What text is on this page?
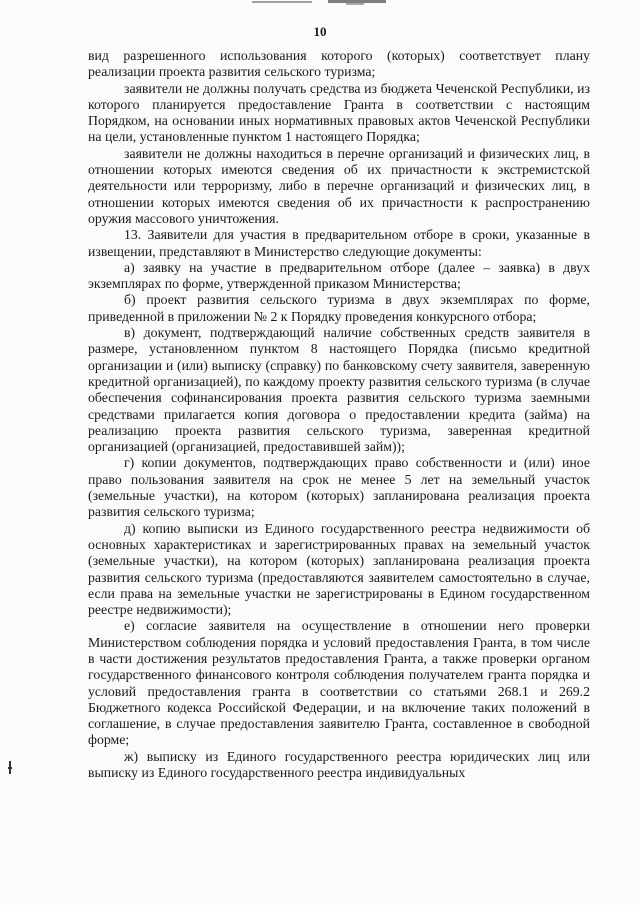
10

вид разрешенного использования которого (которых) соответствует плану реализации проекта развития сельского туризма;

заявители не должны получать средства из бюджета Чеченской Республики, из которого планируется предоставление Гранта в соответствии с настоящим Порядком, на основании иных нормативных правовых актов Чеченской Республики на цели, установленные пунктом 1 настоящего Порядка;

заявители не должны находиться в перечне организаций и физических лиц, в отношении которых имеются сведения об их причастности к экстремистской деятельности или терроризму, либо в перечне организаций и физических лиц, в отношении которых имеются сведения об их причастности к распространению оружия массового уничтожения.

13. Заявители для участия в предварительном отборе в сроки, указанные в извещении, представляют в Министерство следующие документы:

а) заявку на участие в предварительном отборе (далее – заявка) в двух экземплярах по форме, утвержденной приказом Министерства;

б) проект развития сельского туризма в двух экземплярах по форме, приведенной в приложении № 2 к Порядку проведения конкурсного отбора;

в) документ, подтверждающий наличие собственных средств заявителя в размере, установленном пунктом 8 настоящего Порядка (письмо кредитной организации и (или) выписку (справку) по банковскому счету заявителя, заверенную кредитной организацией), по каждому проекту развития сельского туризма (в случае обеспечения софинансирования проекта развития сельского туризма заемными средствами прилагается копия договора о предоставлении кредита (займа) на реализацию проекта развития сельского туризма, заверенная кредитной организацией (организацией, предоставившей займ));

г) копии документов, подтверждающих право собственности и (или) иное право пользования заявителя на срок не менее 5 лет на земельный участок (земельные участки), на котором (которых) запланирована реализация проекта развития сельского туризма;

д) копию выписки из Единого государственного реестра недвижимости об основных характеристиках и зарегистрированных правах на земельный участок (земельные участки), на котором (которых) запланирована реализация проекта развития сельского туризма (предоставляются заявителем самостоятельно в случае, если права на земельные участки не зарегистрированы в Едином государственном реестре недвижимости);

е) согласие заявителя на осуществление в отношении него проверки Министерством соблюдения порядка и условий предоставления Гранта, в том числе в части достижения результатов предоставления Гранта, а также проверки органом государственного финансового контроля соблюдения получателем гранта порядка и условий предоставления гранта в соответствии со статьями 268.1 и 269.2 Бюджетного кодекса Российской Федерации, и на включение таких положений в соглашение, в случае предоставления заявителю Гранта, составленное в свободной форме;

ж) выписку из Единого государственного реестра юридических лиц или выписку из Единого государственного реестра индивидуальных
